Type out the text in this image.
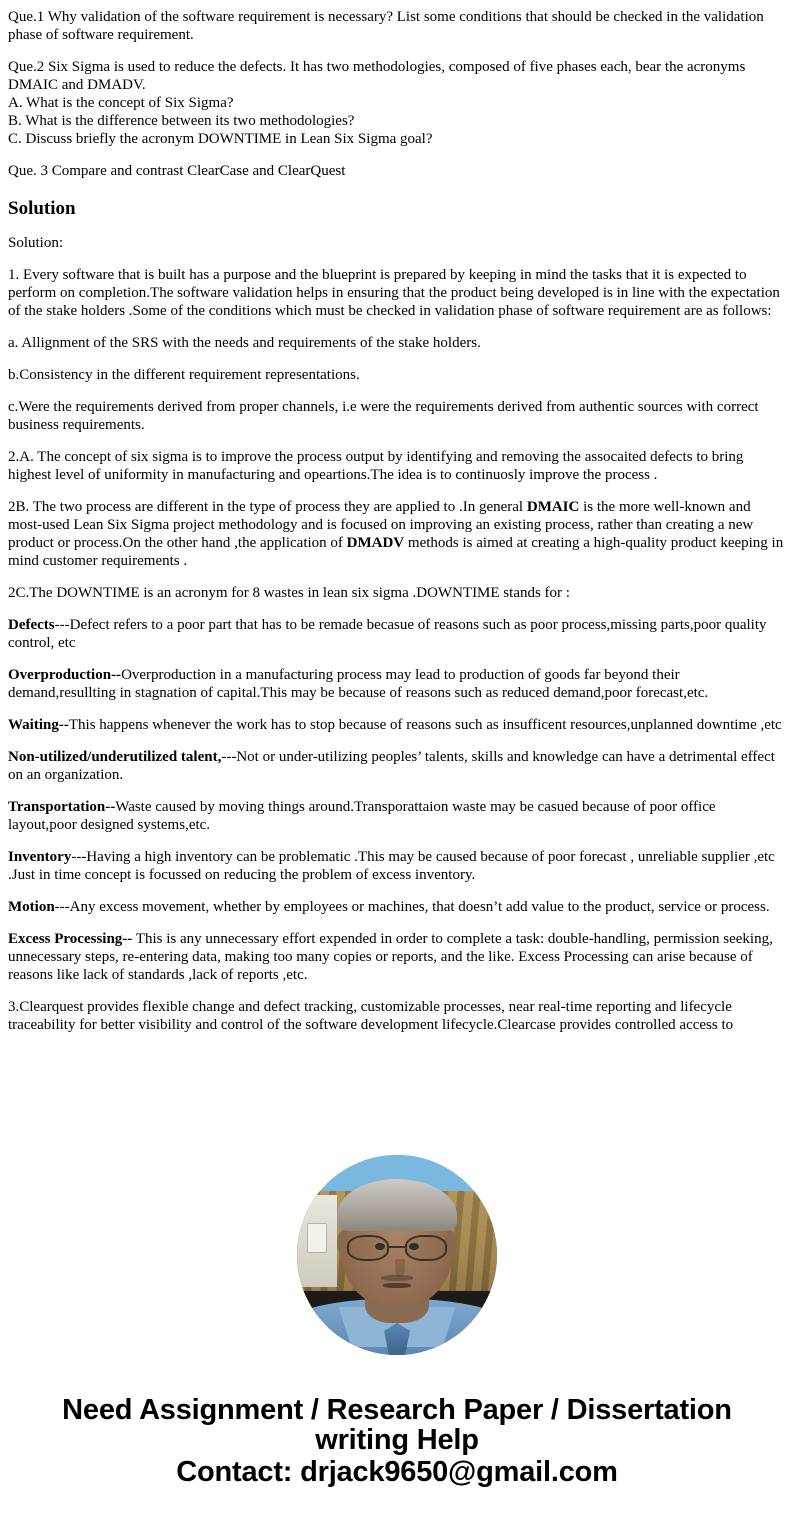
Que.1 Why validation of the software requirement is necessary? List some conditions that should be checked in the validation phase of software requirement.

Que.2 Six Sigma is used to reduce the defects. It has two methodologies, composed of five phases each, bear the acronyms DMAIC and DMADV.

A. What is the concept of Six Sigma?

B. What is the difference between its two methodologies?

C. Discuss briefly the acronym DOWNTIME in Lean Six Sigma goal?

Que. 3 Compare and contrast ClearCase and ClearQuest

Solution

Solution:

1. Every software that is built has a purpose and the blueprint is prepared by keeping in mind the tasks that it is expected to perform on completion.The software validation helps in ensuring that the product being developed is in line with the expectation of the stake holders .Some of the conditions which must be checked in validation phase of software requirement are as follows:

a. Allignment of the SRS with the needs and requirements of the stake holders.

b.Consistency in the different requirement representations.

c.Were the requirements derived from proper channels, i.e were the requirements derived from authentic sources with correct business requirements.

2.A. The concept of six sigma is to improve the process output by identifying and removing the assocaited defects to bring highest level of uniformity in manufacturing and opeartions.The idea is to continuosly improve the process .

2B. The two process are different in the type of process they are applied to .In general DMAIC is the more well-known and most-used Lean Six Sigma project methodology and is focused on improving an existing process, rather than creating a new product or process.On the other hand ,the application of DMADV methods is aimed at creating a high-quality product keeping in mind customer requirements .

2C.The DOWNTIME is an acronym for 8 wastes in lean six sigma .DOWNTIME stands for :

Defects---Defect refers to a poor part that has to be remade becasue of reasons such as poor process,missing parts,poor quality control, etc

Overproduction--Overproduction in a manufacturing process may lead to production of goods far beyond their demand,resullting in stagnation of capital.This may be because of reasons such as reduced demand,poor forecast,etc.

Waiting--This happens whenever the work has to stop because of reasons such as insufficent resources,unplanned downtime ,etc

Non-utilized/underutilized talent,---Not or under-utilizing peoples’ talents, skills and knowledge can have a detrimental effect on an organization.

Transportation--Waste caused by moving things around.Transporattaion waste may be casued because of poor office layout,poor designed systems,etc.

Inventory---Having a high inventory can be problematic .This may be caused because of poor forecast , unreliable supplier ,etc .Just in time concept is focussed on reducing the problem of excess inventory.

Motion---Any excess movement, whether by employees or machines, that doesn’t add value to the product, service or process.

Excess Processing-- This is any unnecessary effort expended in order to complete a task: double-handling, permission seeking, unnecessary steps, re-entering data, making too many copies or reports, and the like. Excess Processing can arise because of reasons like lack of standards ,lack of reports ,etc.

3.Clearquest provides flexible change and defect tracking, customizable processes, near real-time reporting and lifecycle traceability for better visibility and control of the software development lifecycle.Clearcase provides controlled access to

Need Assignment / Research Paper / Dissertation
writing Help
Contact: drjack9650@gmail.com
